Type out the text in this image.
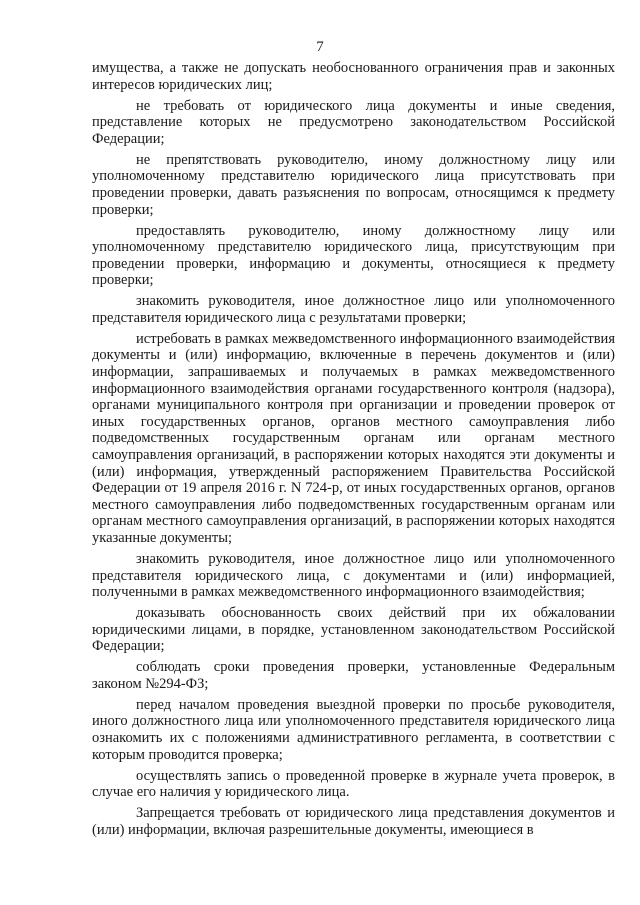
7

имущества, а также не допускать необоснованного ограничения прав и законных интересов юридических лиц;

не требовать от юридического лица документы и иные сведения, представление которых не предусмотрено законодательством Российской Федерации;

не препятствовать руководителю, иному должностному лицу или уполномоченному представителю юридического лица присутствовать при проведении проверки, давать разъяснения по вопросам, относящимся к предмету проверки;

предоставлять руководителю, иному должностному лицу или уполномоченному представителю юридического лица, присутствующим при проведении проверки, информацию и документы, относящиеся к предмету проверки;

знакомить руководителя, иное должностное лицо или уполномоченного представителя юридического лица с результатами проверки;

истребовать в рамках межведомственного информационного взаимодействия документы и (или) информацию, включенные в перечень документов и (или) информации, запрашиваемых и получаемых в рамках межведомственного информационного взаимодействия органами государственного контроля (надзора), органами муниципального контроля при организации и проведении проверок от иных государственных органов, органов местного самоуправления либо подведомственных государственным органам или органам местного самоуправления организаций, в распоряжении которых находятся эти документы и (или) информация, утвержденный распоряжением Правительства Российской Федерации от 19 апреля 2016 г. N 724-р, от иных государственных органов, органов местного самоуправления либо подведомственных государственным органам или органам местного самоуправления организаций, в распоряжении которых находятся указанные документы;

знакомить руководителя, иное должностное лицо или уполномоченного представителя юридического лица, с документами и (или) информацией, полученными в рамках межведомственного информационного взаимодействия;

доказывать обоснованность своих действий при их обжаловании юридическими лицами, в порядке, установленном законодательством Российской Федерации;

соблюдать сроки проведения проверки, установленные Федеральным законом №294-ФЗ;

перед началом проведения выездной проверки по просьбе руководителя, иного должностного лица или уполномоченного представителя юридического лица ознакомить их с положениями административного регламента, в соответствии с которым проводится проверка;

осуществлять запись о проведенной проверке в журнале учета проверок, в случае его наличия у юридического лица.

Запрещается требовать от юридического лица представления документов и (или) информации, включая разрешительные документы, имеющиеся в
